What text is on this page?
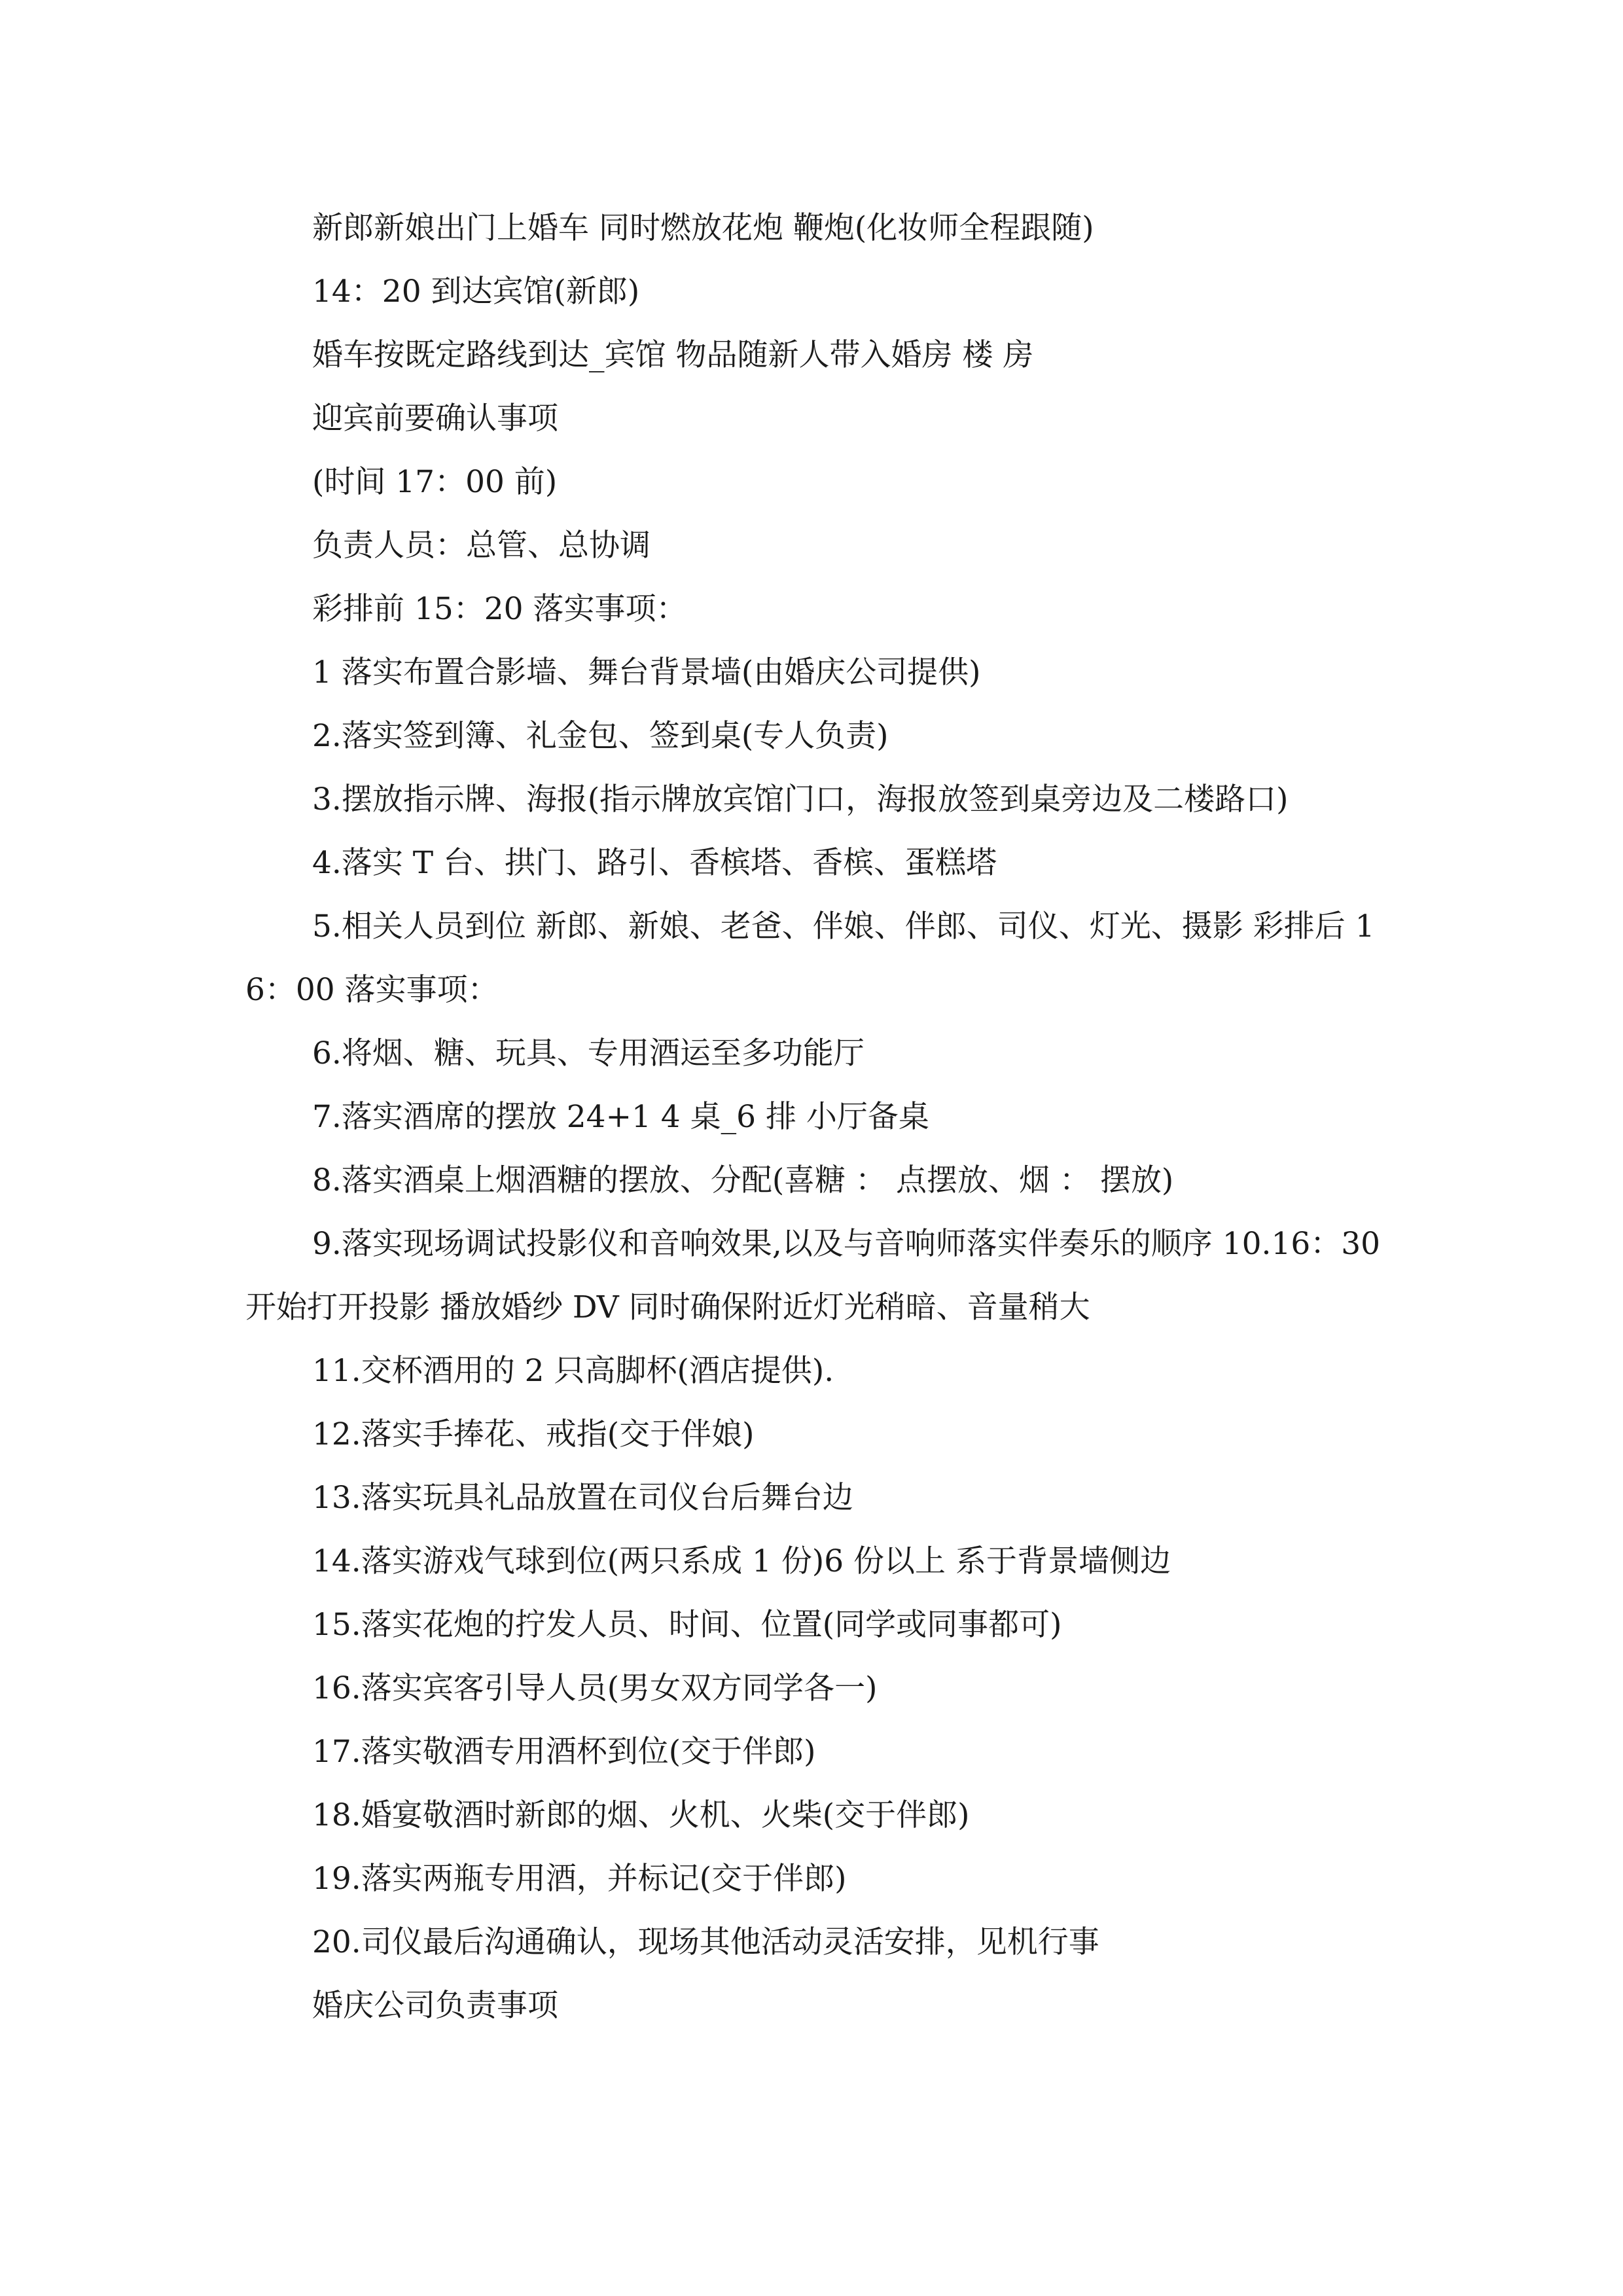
新郎新娘出门上婚车 同时燃放花炮 鞭炮(化妆师全程跟随)

14：20 到达宾馆(新郎)

婚车按既定路线到达_宾馆 物品随新人带入婚房 楼 房

迎宾前要确认事项

(时间 17：00 前)

负责人员：总管、总协调

彩排前 15：20 落实事项：

1 落实布置合影墙、舞台背景墙(由婚庆公司提供)

2.落实签到簿、礼金包、签到桌(专人负责)

3.摆放指示牌、海报(指示牌放宾馆门口，海报放签到桌旁边及二楼路口)

4.落实 T 台、拱门、路引、香槟塔、香槟、蛋糕塔

5.相关人员到位 新郎、新娘、老爸、伴娘、伴郎、司仪、灯光、摄影 彩排后 16：00 落实事项：

6.将烟、糖、玩具、专用酒运至多功能厅

7.落实酒席的摆放 24+1 4 桌_6 排 小厅备桌

8.落实酒桌上烟酒糖的摆放、分配(喜糖 ： 点摆放、烟 ： 摆放)

9.落实现场调试投影仪和音响效果,以及与音响师落实伴奏乐的顺序 10.16：30 开始打开投影 播放婚纱 DV 同时确保附近灯光稍暗、音量稍大

11.交杯酒用的 2 只高脚杯(酒店提供).

12.落实手捧花、戒指(交于伴娘)

13.落实玩具礼品放置在司仪台后舞台边

14.落实游戏气球到位(两只系成 1 份)6 份以上 系于背景墙侧边

15.落实花炮的拧发人员、时间、位置(同学或同事都可)

16.落实宾客引导人员(男女双方同学各一)

17.落实敬酒专用酒杯到位(交于伴郎)

18.婚宴敬酒时新郎的烟、火机、火柴(交于伴郎)

19.落实两瓶专用酒，并标记(交于伴郎)

20.司仪最后沟通确认，现场其他活动灵活安排，见机行事

婚庆公司负责事项
